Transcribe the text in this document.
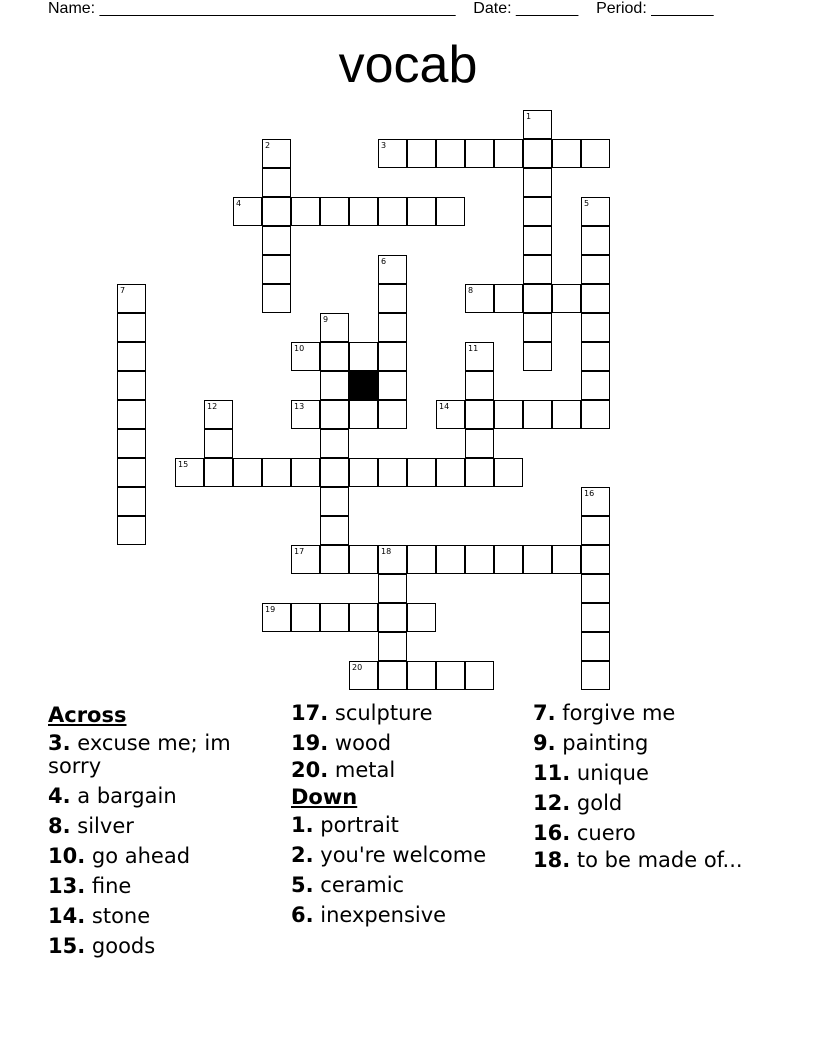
Name: ________________________________________ Date: _______ Period: _______
vocab
1
2	3
4	5
6
7	8
9
10	11
12	13	14
15
16
17	18
19
20
Across
3. excuse me; im sorry
4. a bargain
8. silver
10. go ahead
13. fine
14. stone
15. goods
17. sculpture
19. wood
20. metal
Down
1. portrait
2. you're welcome
5. ceramic
6. inexpensive
7. forgive me
9. painting
11. unique
12. gold
16. cuero
18. to be made of...
